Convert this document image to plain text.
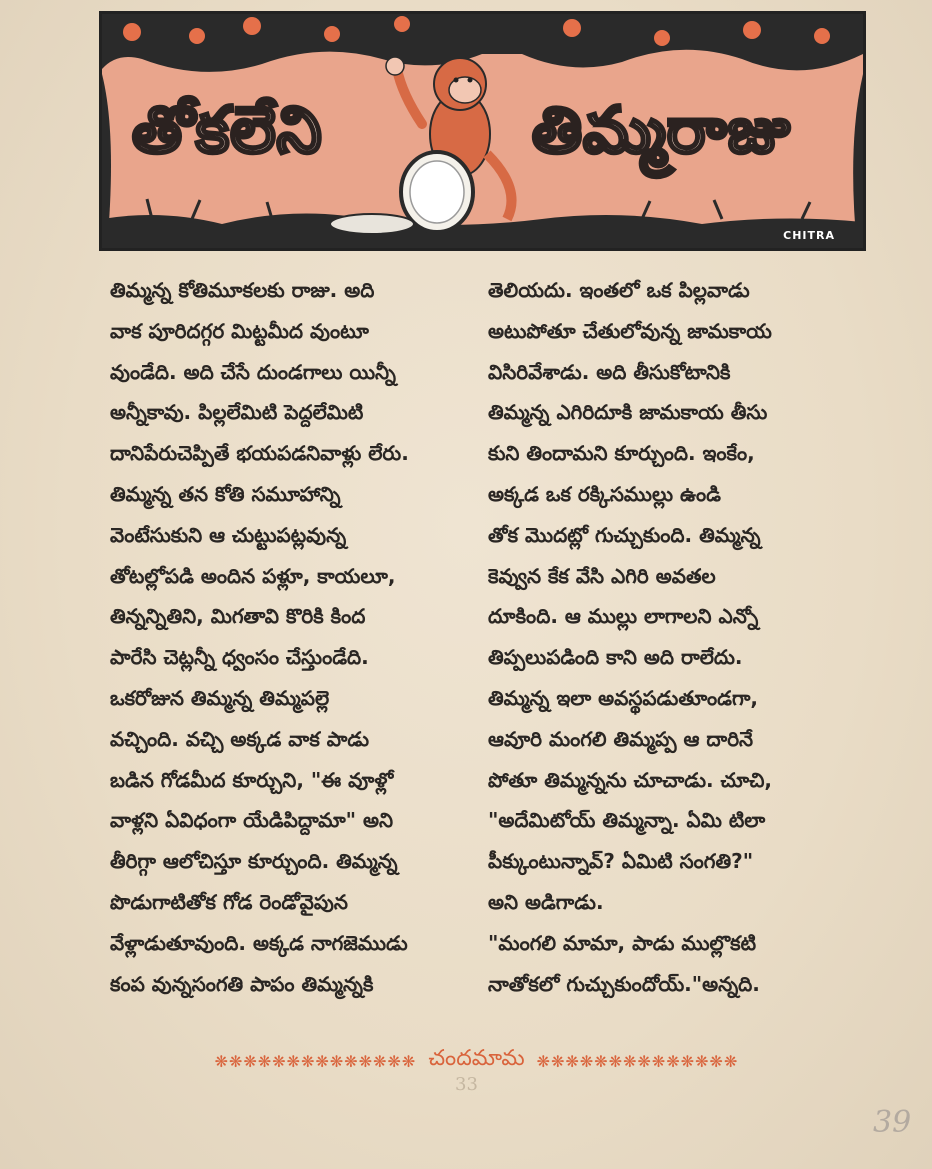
తోకలేని	తిమ్మరాజు
CHITRA
తిమ్మన్న కోతిమూకలకు రాజు. అది
వాక పూరిదగ్గర మిట్టమీద వుంటూ
వుండేది. అది చేసే దుండగాలు యిన్నీ
అన్నీకావు. పిల్లలేమిటి పెద్దలేమిటి
దానిపేరుచెప్పితే భయపడనివాళ్లు లేరు.
తిమ్మన్న తన కోతి సమూహాన్ని
వెంటేసుకుని ఆ చుట్టుపట్లవున్న
తోటల్లోపడి అందిన పళ్లూ, కాయలూ,
తిన్నన్నితిని, మిగతావి కొరికి కింద
పారేసి చెట్లన్నీ ధ్వంసం చేస్తుండేది.
ఒకరోజున తిమ్మన్న తిమ్మపల్లె
వచ్చింది. వచ్చి అక్కడ వాక పాడు
బడిన గోడమీద కూర్చుని, "ఈ వూళ్లో
వాళ్లని ఏవిధంగా యేడిపిద్దామా" అని
తీరిగ్గా ఆలోచిస్తూ కూర్చుంది. తిమ్మన్న
పొడుగాటితోక గోడ రెండోవైపున
వేళ్లాడుతూవుంది. అక్కడ నాగజెముడు
కంప వున్నసంగతి పాపం తిమ్మన్నకి
తెలియదు. ఇంతలో ఒక పిల్లవాడు
అటుపోతూ చేతులోవున్న జామకాయ
విసిరివేశాడు. అది తీసుకోటానికి
తిమ్మన్న ఎగిరిదూకి జామకాయ తీసు
కుని తిందామని కూర్చుంది. ఇంకేం,
అక్కడ ఒక రక్కిసముల్లు ఉండి
తోక మొదట్లో గుచ్చుకుంది. తిమ్మన్న
కెవ్వున కేక వేసి ఎగిరి అవతల
దూకింది. ఆ ముల్లు లాగాలని ఎన్నో
తిప్పలుపడింది కాని అది రాలేదు.
తిమ్మన్న ఇలా అవస్థపడుతూండగా,
ఆవూరి మంగలి తిమ్మప్ప ఆ దారినే
పోతూ తిమ్మన్నను చూచాడు. చూచి,
"అదేమిటోయ్ తిమ్మన్నా. ఏమి టిలా
పీక్కుంటున్నావ్? ఏమిటి సంగతి?"
అని అడిగాడు.
"మంగలి మామా, పాడు ముల్లొకటి
నాతోకలో గుచ్చుకుందోయ్."అన్నది.
❋❋❋❋❋❋❋❋❋❋❋❋❋❋ చందమామ ❋❋❋❋❋❋❋❋❋❋❋❋❋❋
33
39
